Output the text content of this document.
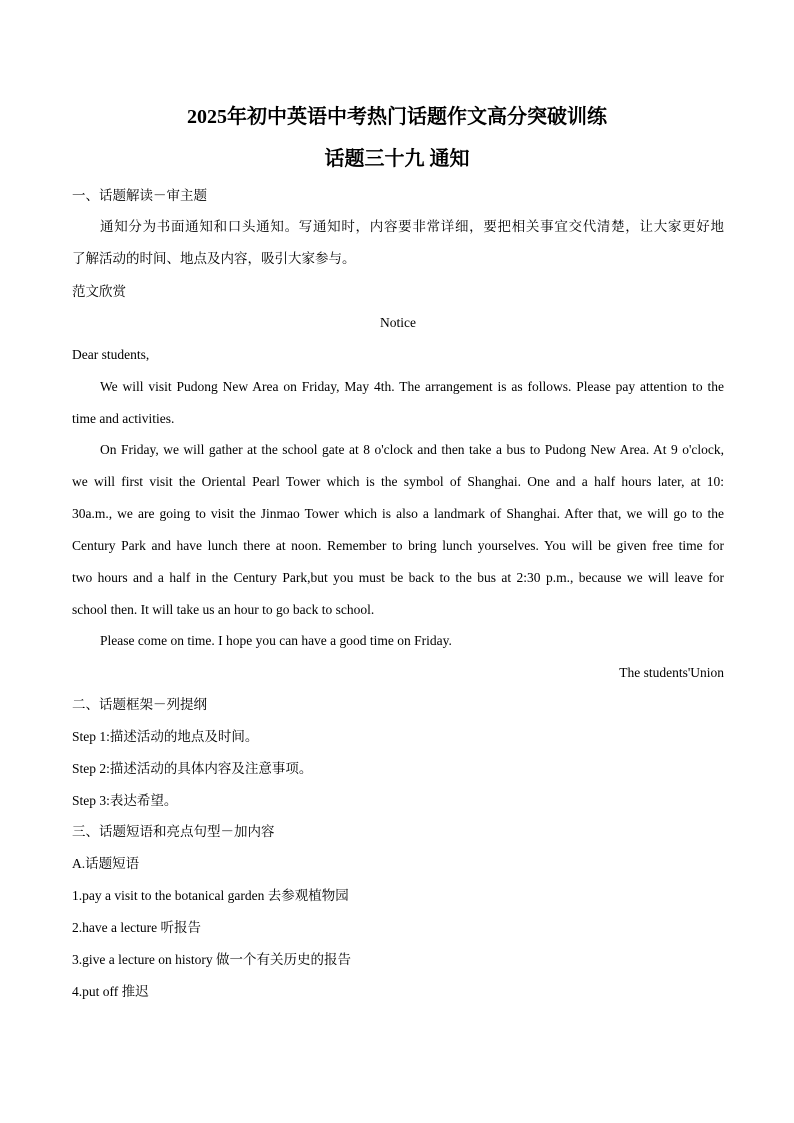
2025年初中英语中考热门话题作文高分突破训练
话题三十九 通知
一、话题解读－审主题
通知分为书面通知和口头通知。写通知时，内容要非常详细，要把相关事宜交代清楚，让大家更好地
了解活动的时间、地点及内容，吸引大家参与。
范文欣赏
Notice
Dear students,
We will visit Pudong New Area on Friday, May 4th. The arrangement is as follows. Please pay attention to the
time and activities.
On Friday, we will gather at the school gate at 8 o'clock and then take a bus to Pudong New Area. At 9 o'clock,
we will first visit the Oriental Pearl Tower which is the symbol of Shanghai. One and a half hours later, at 10:
30a.m., we are going to visit the Jinmao Tower which is also a landmark of Shanghai. After that, we will go to the
Century Park and have lunch there at noon. Remember to bring lunch yourselves. You will be given free time for
two hours and a half in the Century Park,but you must be back to the bus at 2:30 p.m., because we will leave for
school then. It will take us an hour to go back to school.
Please come on time. I hope you can have a good time on Friday.
The students'Union
二、话题框架－列提纲
Step 1:描述活动的地点及时间。
Step 2:描述活动的具体内容及注意事项。
Step 3:表达希望。
三、话题短语和亮点句型－加内容
A.话题短语
1.pay a visit to the botanical garden 去参观植物园
2.have a lecture 听报告
3.give a lecture on history 做一个有关历史的报告
4.put off 推迟
